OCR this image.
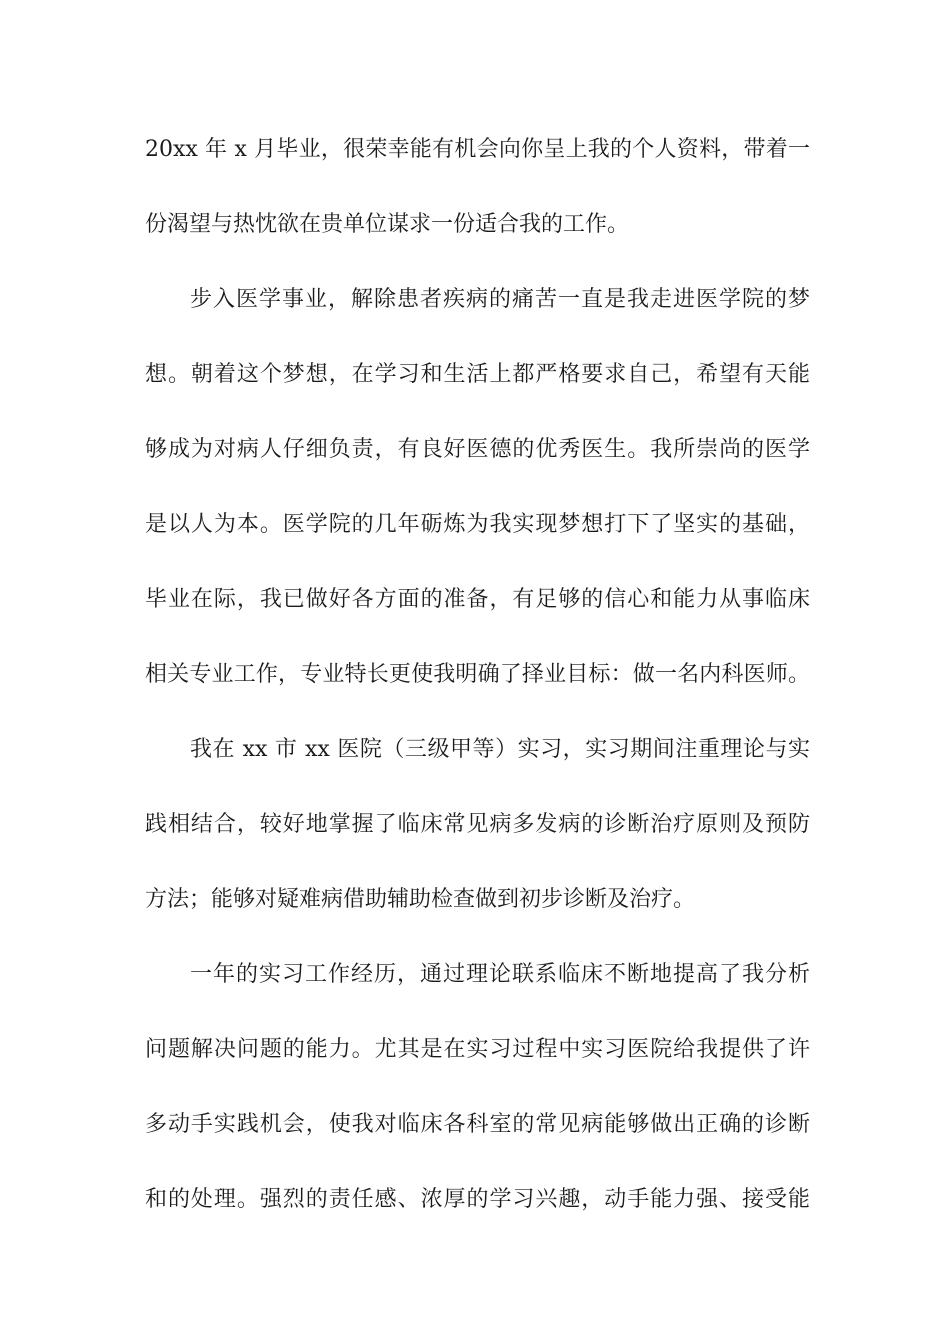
20xx 年 x 月毕业，很荣幸能有机会向你呈上我的个人资料，带着一
份渴望与热忱欲在贵单位谋求一份适合我的工作。
步入医学事业，解除患者疾病的痛苦一直是我走进医学院的梦
想。朝着这个梦想，在学习和生活上都严格要求自己，希望有天能
够成为对病人仔细负责，有良好医德的优秀医生。我所崇尚的医学
是以人为本。医学院的几年砺炼为我实现梦想打下了坚实的基础，
毕业在际，我已做好各方面的准备，有足够的信心和能力从事临床
相关专业工作，专业特长更使我明确了择业目标：做一名内科医师。
我在 xx 市 xx 医院（三级甲等）实习，实习期间注重理论与实
践相结合，较好地掌握了临床常见病多发病的诊断治疗原则及预防
方法；能够对疑难病借助辅助检查做到初步诊断及治疗。
一年的实习工作经历，通过理论联系临床不断地提高了我分析
问题解决问题的能力。尤其是在实习过程中实习医院给我提供了许
多动手实践机会，使我对临床各科室的常见病能够做出正确的诊断
和的处理。强烈的责任感、浓厚的学习兴趣，动手能力强、接受能
